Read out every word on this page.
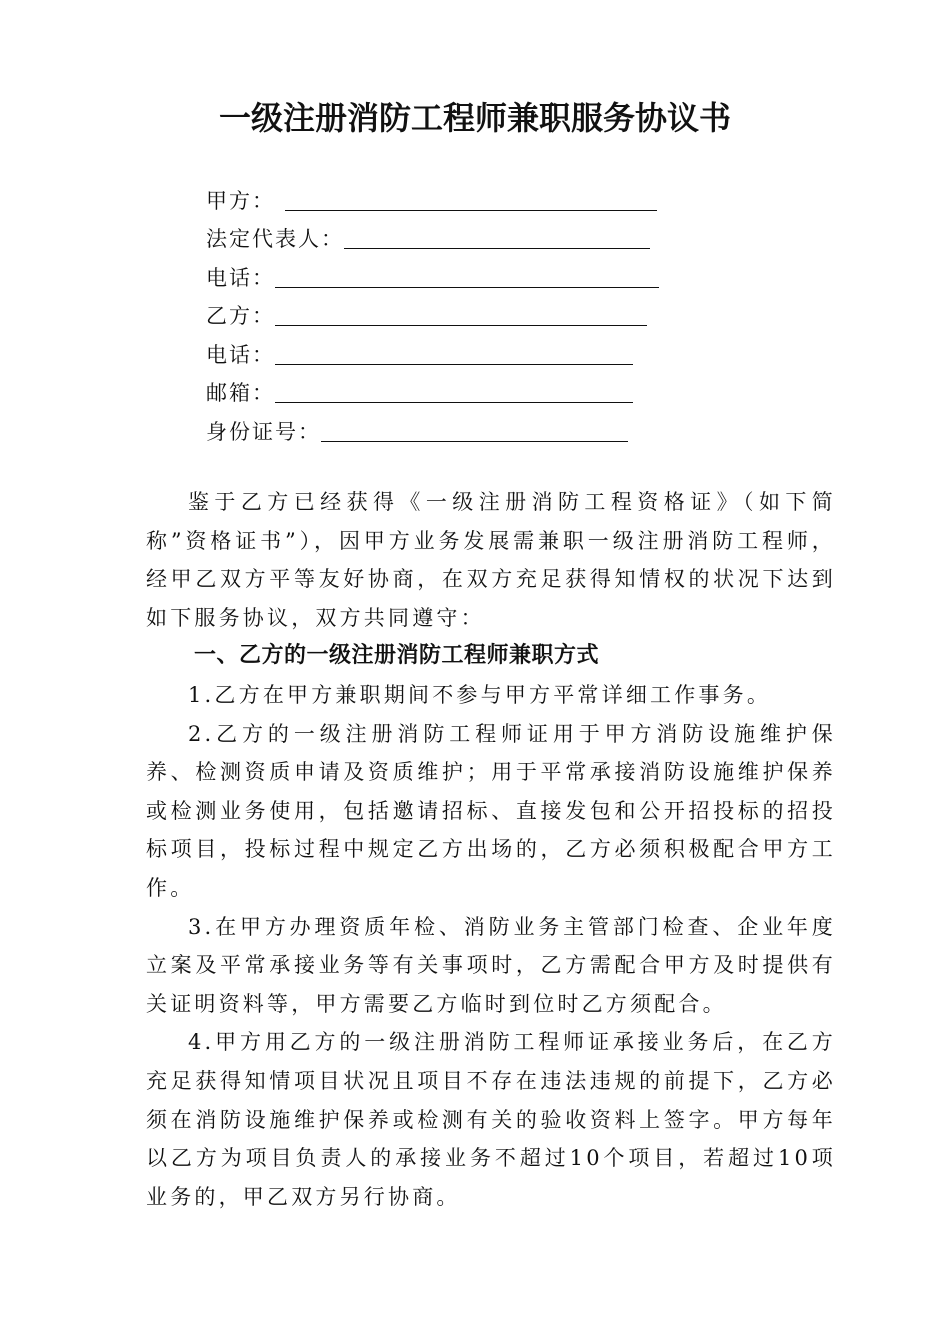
一级注册消防工程师兼职服务协议书
甲方：
法定代表人：
电话：
乙方：
电话：
邮箱：
身份证号：

鉴于乙方已经获得《一级注册消防工程资格证》（如下简称”资格证书”），因甲方业务发展需兼职一级注册消防工程师，经甲乙双方平等友好协商，在双方充足获得知情权的状况下达到如下服务协议，双方共同遵守：

一、乙方的一级注册消防工程师兼职方式

1.乙方在甲方兼职期间不参与甲方平常详细工作事务。

2.乙方的一级注册消防工程师证用于甲方消防设施维护保养、检测资质申请及资质维护；用于平常承接消防设施维护保养或检测业务使用，包括邀请招标、直接发包和公开招投标的招投标项目，投标过程中规定乙方出场的，乙方必须积极配合甲方工作。

3.在甲方办理资质年检、消防业务主管部门检查、企业年度立案及平常承接业务等有关事项时，乙方需配合甲方及时提供有关证明资料等，甲方需要乙方临时到位时乙方须配合。

4.甲方用乙方的一级注册消防工程师证承接业务后，在乙方充足获得知情项目状况且项目不存在违法违规的前提下，乙方必须在消防设施维护保养或检测有关的验收资料上签字。甲方每年以乙方为项目负责人的承接业务不超过10个项目，若超过10项业务的，甲乙双方另行协商。
